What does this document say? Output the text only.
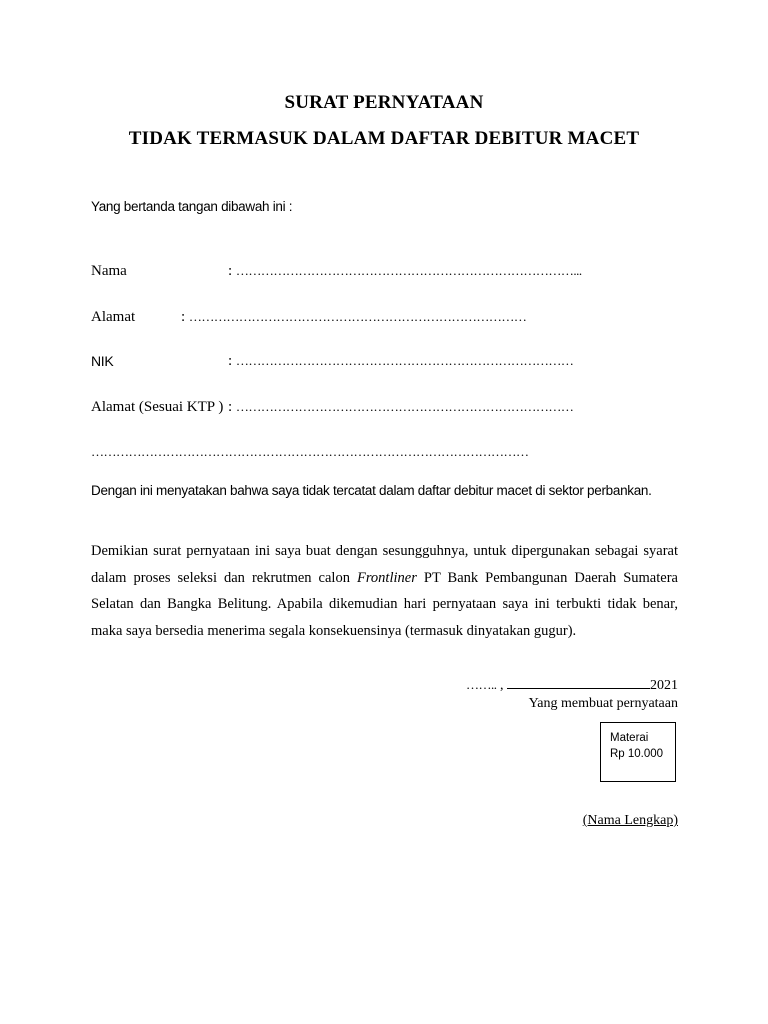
SURAT PERNYATAAN
TIDAK TERMASUK DALAM DAFTAR DEBITUR MACET
Yang bertanda tangan dibawah ini :
Nama	: ………………………………………………………………………...
Alamat	: ………………………………………………………………………
NIK	: ………………………………………………………………………
Alamat (Sesuai KTP ) : ………………………………………………………………………
……………………………………………………………………………………………
Dengan ini menyatakan bahwa saya tidak tercatat dalam daftar debitur macet di sektor perbankan.
Demikian surat pernyataan ini saya buat dengan sesungguhnya, untuk dipergunakan sebagai syarat dalam proses seleksi dan rekrutmen calon Frontliner PT Bank Pembangunan Daerah Sumatera Selatan dan Bangka Belitung. Apabila dikemudian hari pernyataan saya ini terbukti tidak benar, maka saya bersedia menerima segala konsekuensinya (termasuk dinyatakan gugur).
…….. ,	2021
Yang membuat pernyataan
Materai
Rp 10.000
(Nama Lengkap)
